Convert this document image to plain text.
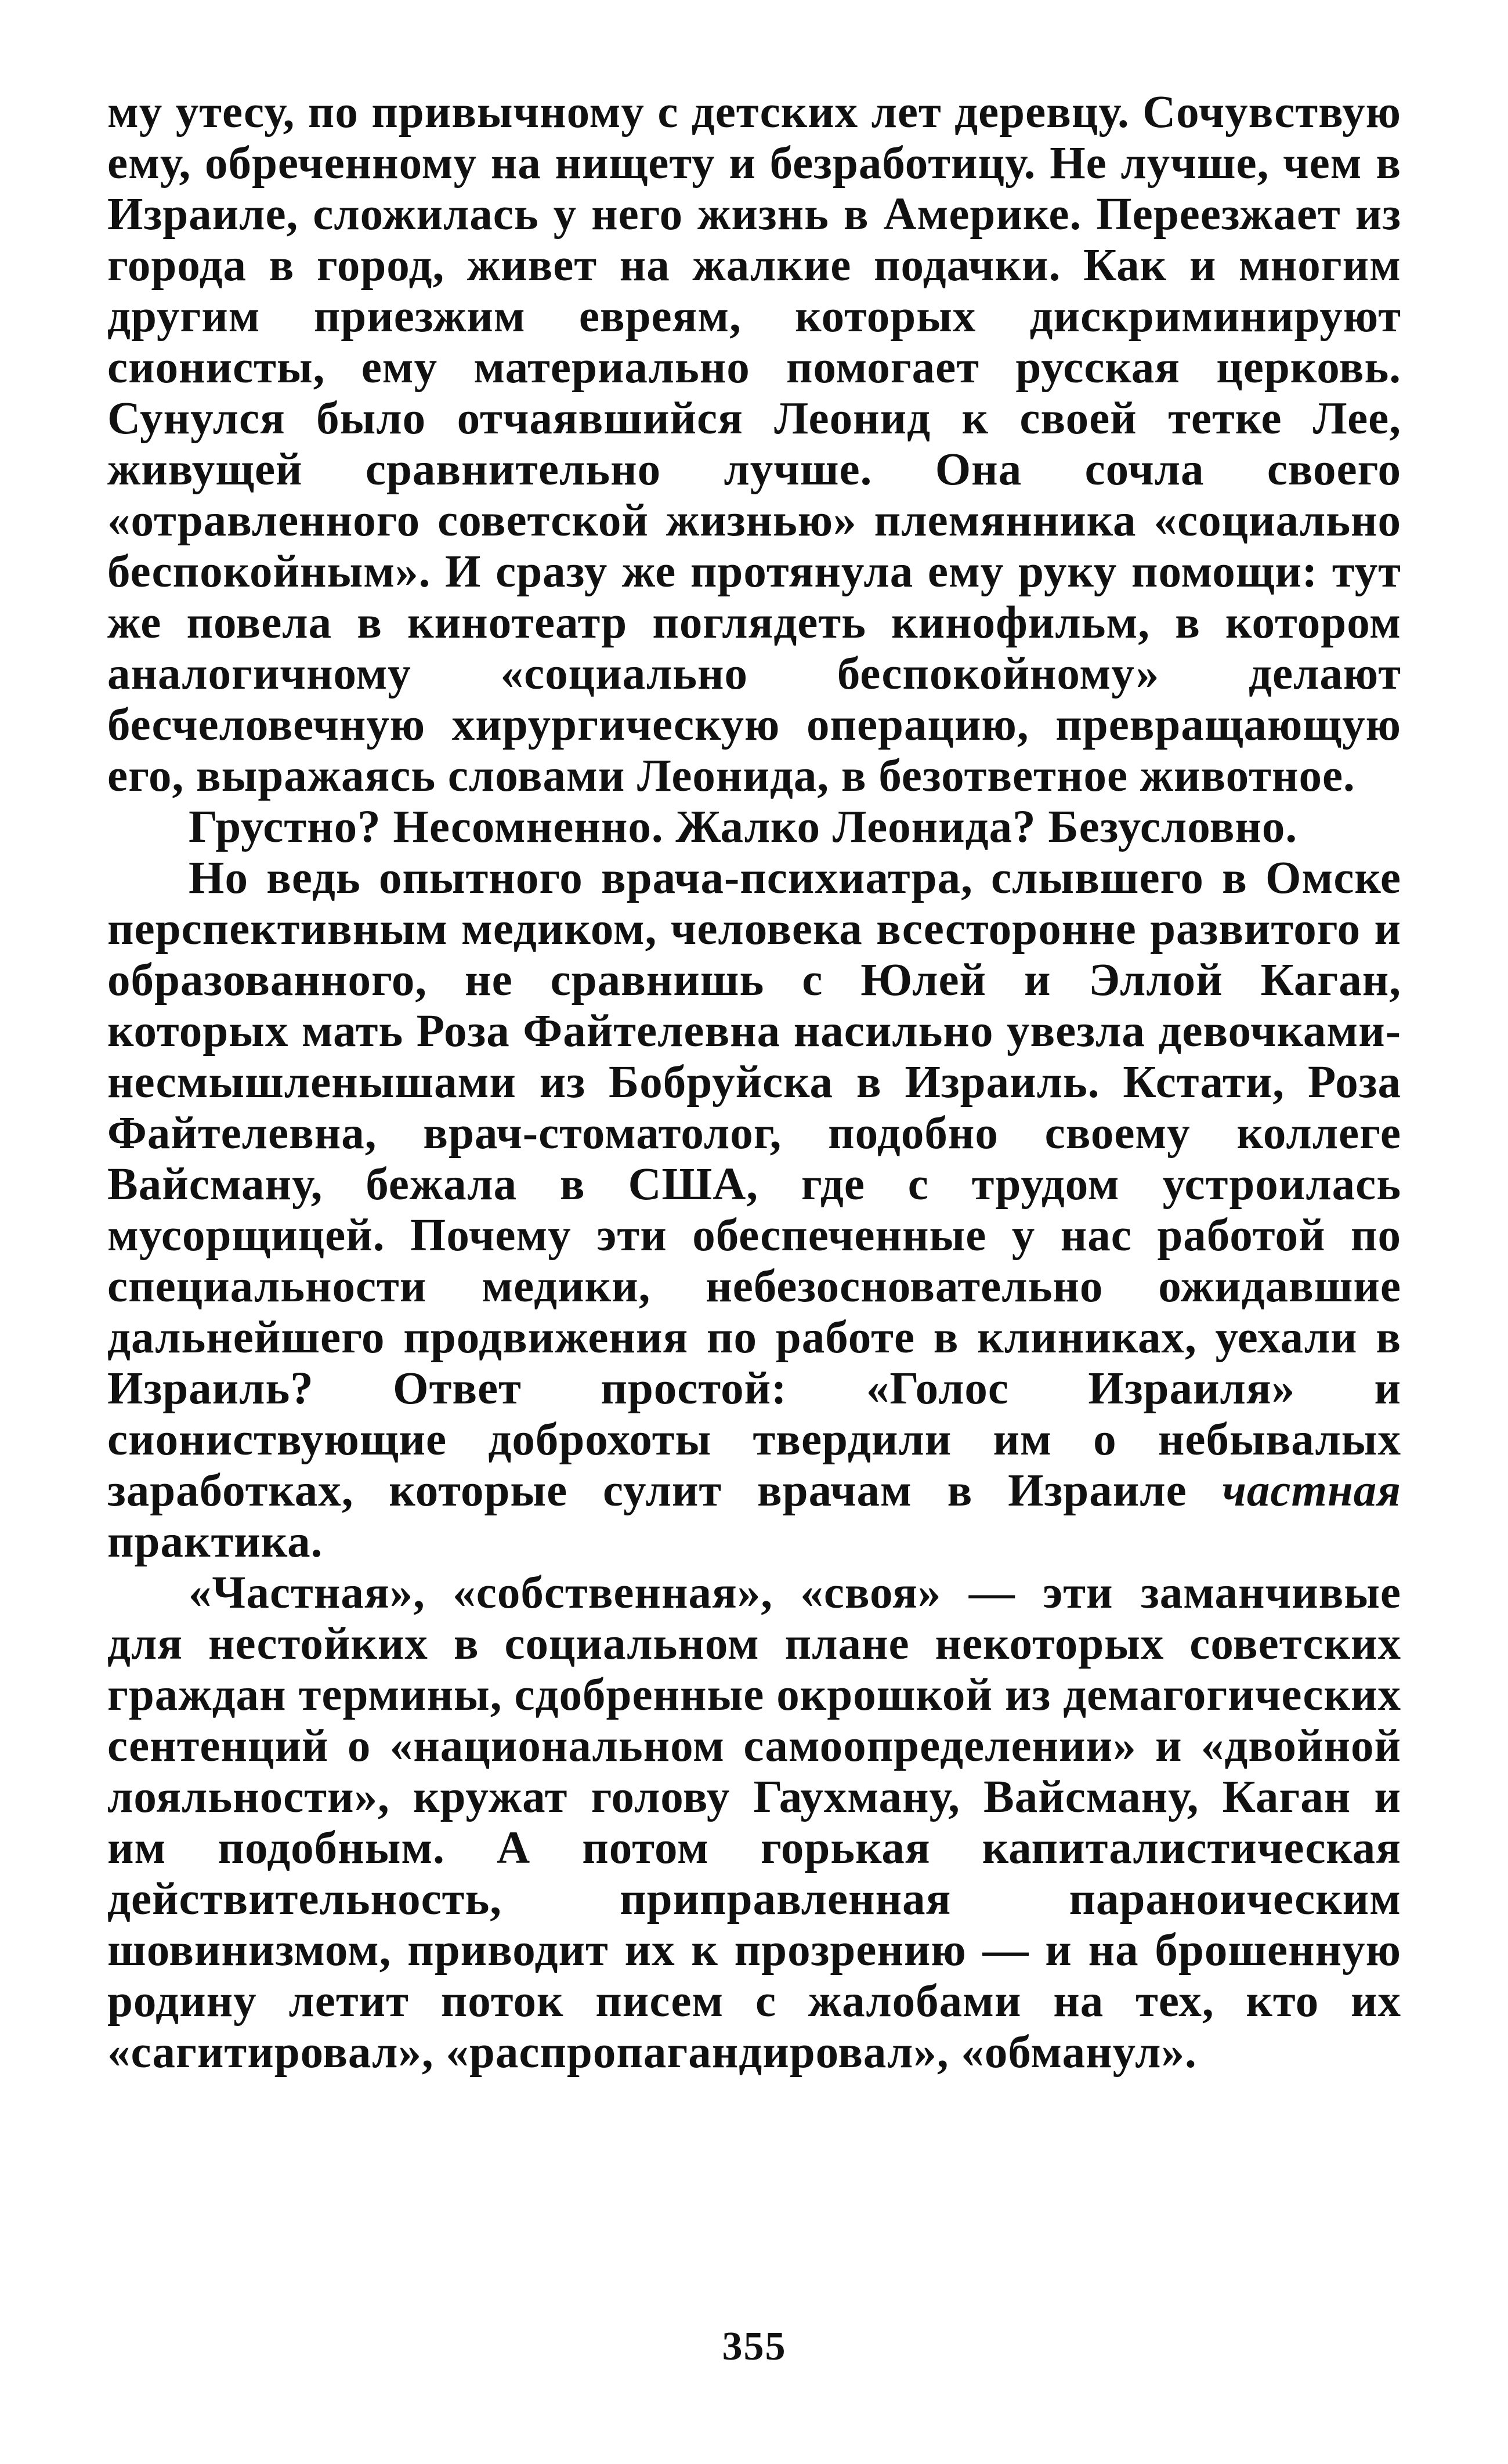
му утесу, по привычному с детских лет деревцу. Сочувствую ему, обреченному на нищету и безработицу. Не лучше, чем в Израиле, сложилась у него жизнь в Америке. Переезжает из города в город, живет на жалкие подачки. Как и многим другим приезжим евреям, которых дискриминируют сионисты, ему материально помогает русская церковь. Сунулся было отчаявшийся Леонид к своей тетке Лее, живущей сравнительно лучше. Она сочла своего «отравленного советской жизнью» племянника «социально беспокойным». И сразу же протянула ему руку помощи: тут же повела в кинотеатр поглядеть кинофильм, в котором аналогичному «социально беспокойному» делают бесчеловечную хирургическую операцию, превращающую его, выражаясь словами Леонида, в безответное животное.

Грустно? Несомненно. Жалко Леонида? Безусловно.

Но ведь опытного врача-психиатра, слывшего в Омске перспективным медиком, человека всесторонне развитого и образованного, не сравнишь с Юлей и Эллой Каган, которых мать Роза Файтелевна насильно увезла девочками-несмышленышами из Бобруйска в Израиль. Кстати, Роза Файтелевна, врач-стоматолог, подобно своему коллеге Вайсману, бежала в США, где с трудом устроилась мусорщицей. Почему эти обеспеченные у нас работой по специальности медики, небезосновательно ожидавшие дальнейшего продвижения по работе в клиниках, уехали в Израиль? Ответ простой: «Голос Израиля» и сиониствующие доброхоты твердили им о небывалых заработках, которые сулит врачам в Израиле частная практика.

«Частная», «собственная», «своя» — эти заманчивые для нестойких в социальном плане некоторых советских граждан термины, сдобренные окрошкой из демагогических сентенций о «национальном самоопределении» и «двойной лояльности», кружат голову Гаухману, Вайсману, Каган и им подобным. А потом горькая капиталистическая действительность, приправленная параноическим шовинизмом, приводит их к прозрению — и на брошенную родину летит поток писем с жалобами на тех, кто их «сагитировал», «распропагандировал», «обманул».

355
